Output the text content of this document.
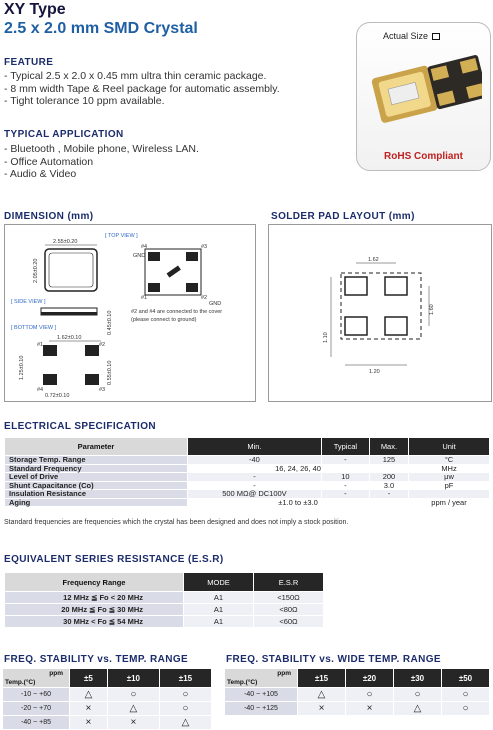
XY Type
2.5 x 2.0 mm SMD Crystal
FEATURE
- Typical 2.5 x 2.0 x 0.45 mm ultra thin ceramic package.
- 8 mm width Tape & Reel package for automatic assembly.
- Tight tolerance 10 ppm available.
TYPICAL APPLICATION
- Bluetooth , Mobile phone, Wireless LAN.
- Office Automation
- Audio & Video
Actual Size
RoHS Compliant
DIMENSION (mm)
[ TOP VIEW ]
2.55±0.20
2.05±0.20
[ SIDE VIEW ]
0.45±0.10
[ BOTTOM VIEW ]
1.62±0.10
#1	#2
#3
#4
1.25±0.10	0.55±0.10
0.72±0.10
#4
GND
#3
#1	#2
GND
#2 and #4 are connected to the cover
(please connect to ground)
SOLDER PAD LAYOUT (mm)
1.62
1.60
1.10
1.20
ELECTRICAL SPECIFICATION
Parameter	Min.	Typical	Max.	Unit
Storage Temp. Range	-40	-	125	°C
Standard Frequency	16, 24, 26, 40			MHz
Level of Drive	-	10	200	μw
Shunt Capacitance (Co)	-	-	3.0	pF
Insulation Resistance	500 MΩ@ DC100V	-	-	
Aging	±1.0 to ±3.0			ppm / year
Standard frequencies are frequencies which the crystal has been designed and does not imply a stock position.
EQUIVALENT SERIES RESISTANCE (E.S.R)
Frequency Range	MODE	E.S.R
12 MHz ≦ Fo < 20 MHz	A1	<150Ω
20 MHz ≦ Fo ≦ 30 MHz	A1	<80Ω
30 MHz < Fo ≦ 54 MHz	A1	<60Ω
FREQ. STABILITY vs. TEMP. RANGE
ppm
Temp.(°C)	±5	±10	±15
-10 ~ +60	△	○	○
-20 ~ +70	×	△	○
-40 ~ +85	×	×	△
FREQ. STABILITY vs. WIDE TEMP. RANGE
ppm
Temp.(°C)	±15	±20	±30	±50
-40 ~ +105	△	○	○	○
-40 ~ +125	×	×	△	○
